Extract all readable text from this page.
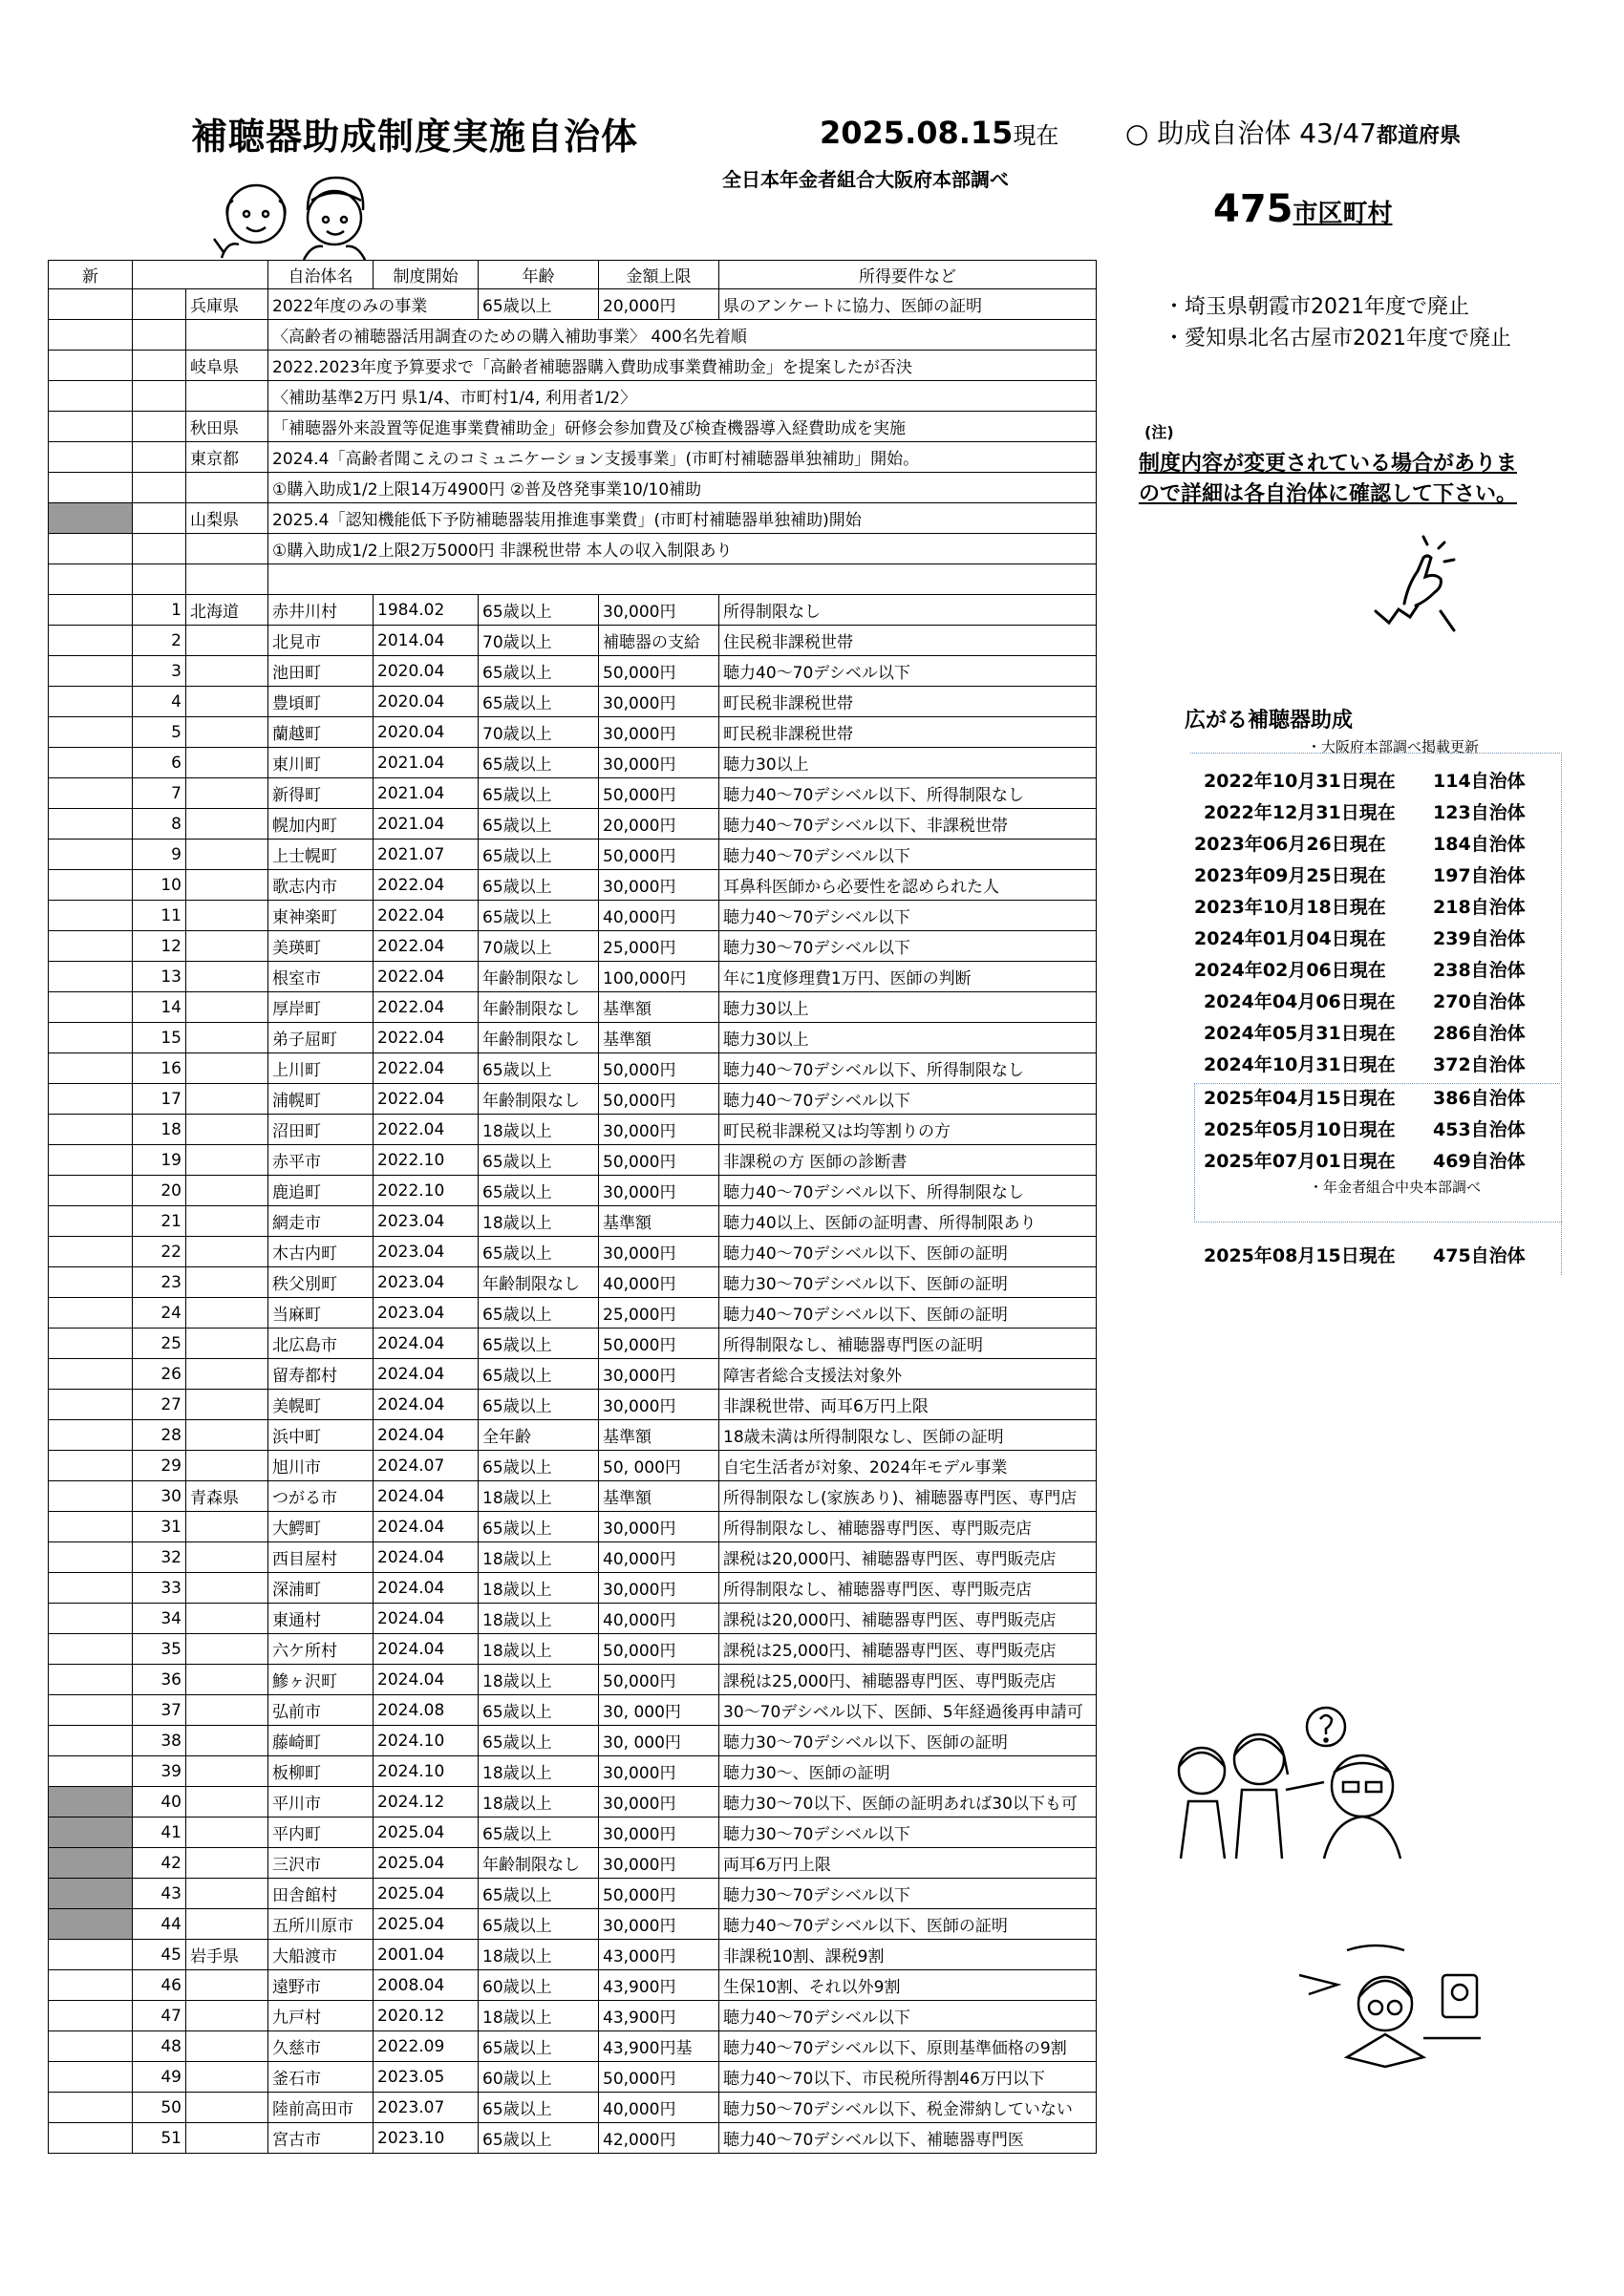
補聴器助成制度実施自治体	2025.08.15現在
全日本年金者組合大阪府本部調べ
○ 助成自治体 43/47都道府県
475市区町村
・埼玉県朝霞市2021年度で廃止
・愛知県北名古屋市2021年度で廃止
(注)
制度内容が変更されている場合がありま
ので詳細は各自治体に確認して下さい。
広がる補聴器助成
・大阪府本部調べ掲載更新
・年金者組合中央本部調べ
2022年10月31日現在 114自治体
2022年12月31日現在 123自治体
2023年06月26日現在	184自治体
2023年09月25日現在	197自治体
2023年10月18日現在	218自治体
2024年01月04日現在	239自治体
2024年02月06日現在	238自治体
2024年04月06日現在 270自治体
2024年05月31日現在 286自治体
2024年10月31日現在 372自治体
2025年04月15日現在 386自治体
2025年05月10日現在 453自治体
2025年07月01日現在 469自治体
2025年08月15日現在 475自治体
新			自治体名	制度開始	年齢	金額上限	所得要件など
		兵庫県	2022年度のみの事業		65歳以上	20,000円	県のアンケートに協力、医師の証明
			〈高齢者の補聴器活用調査のための購入補助事業〉 400名先着順				
		岐阜県	2022.2023年度予算要求で「高齢者補聴器購入費助成事業費補助金」を提案したが否決				
			〈補助基準2万円 県1/4、市町村1/4, 利用者1/2〉				
		秋田県	「補聴器外来設置等促進事業費補助金」研修会参加費及び検査機器導入経費助成を実施				
		東京都	2024.4「高齢者聞こえのコミュニケーション支援事業」(市町村補聴器単独補助」開始。				
			①購入助成1/2上限14万4900円 ②普及啓発事業10/10補助				
		山梨県	2025.4「認知機能低下予防補聴器装用推進事業費」(市町村補聴器単独補助)開始				
			①購入助成1/2上限2万5000円 非課税世帯 本人の収入制限あり				

	1	北海道	赤井川村	1984.02	65歳以上	30,000円	所得制限なし
	2		北見市	2014.04	70歳以上	補聴器の支給	住民税非課税世帯
	3		池田町	2020.04	65歳以上	50,000円	聴力40～70デシベル以下
	4		豊頃町	2020.04	65歳以上	30,000円	町民税非課税世帯
	5		蘭越町	2020.04	70歳以上	30,000円	町民税非課税世帯
	6		東川町	2021.04	65歳以上	30,000円	聴力30以上
	7		新得町	2021.04	65歳以上	50,000円	聴力40～70デシベル以下、所得制限なし
	8		幌加内町	2021.04	65歳以上	20,000円	聴力40～70デシベル以下、非課税世帯
	9		上士幌町	2021.07	65歳以上	50,000円	聴力40～70デシベル以下
	10		歌志内市	2022.04	65歳以上	30,000円	耳鼻科医師から必要性を認められた人
	11		東神楽町	2022.04	65歳以上	40,000円	聴力40～70デシベル以下
	12		美瑛町	2022.04	70歳以上	25,000円	聴力30～70デシベル以下
	13		根室市	2022.04	年齢制限なし	100,000円	年に1度修理費1万円、医師の判断
	14		厚岸町	2022.04	年齢制限なし	基準額	聴力30以上
	15		弟子屈町	2022.04	年齢制限なし	基準額	聴力30以上
	16		上川町	2022.04	65歳以上	50,000円	聴力40～70デシベル以下、所得制限なし
	17		浦幌町	2022.04	年齢制限なし	50,000円	聴力40～70デシベル以下
	18		沼田町	2022.04	18歳以上	30,000円	町民税非課税又は均等割りの方
	19		赤平市	2022.10	65歳以上	50,000円	非課税の方 医師の診断書
	20		鹿追町	2022.10	65歳以上	30,000円	聴力40～70デシベル以下、所得制限なし
	21		網走市	2023.04	18歳以上	基準額	聴力40以上、医師の証明書、所得制限あり
	22		木古内町	2023.04	65歳以上	30,000円	聴力40～70デシベル以下、医師の証明
	23		秩父別町	2023.04	年齢制限なし	40,000円	聴力30～70デシベル以下、医師の証明
	24		当麻町	2023.04	65歳以上	25,000円	聴力40～70デシベル以下、医師の証明
	25		北広島市	2024.04	65歳以上	50,000円	所得制限なし、補聴器専門医の証明
	26		留寿都村	2024.04	65歳以上	30,000円	障害者総合支援法対象外
	27		美幌町	2024.04	65歳以上	30,000円	非課税世帯、両耳6万円上限
	28		浜中町	2024.04	全年齢	基準額	18歳未満は所得制限なし、医師の証明
	29		旭川市	2024.07	65歳以上	50, 000円	自宅生活者が対象、2024年モデル事業
	30	青森県	つがる市	2024.04	18歳以上	基準額	所得制限なし(家族あり)、補聴器専門医、専門店
	31		大鰐町	2024.04	65歳以上	30,000円	所得制限なし、補聴器専門医、専門販売店
	32		西目屋村	2024.04	18歳以上	40,000円	課税は20,000円、補聴器専門医、専門販売店
	33		深浦町	2024.04	18歳以上	30,000円	所得制限なし、補聴器専門医、専門販売店
	34		東通村	2024.04	18歳以上	40,000円	課税は20,000円、補聴器専門医、専門販売店
	35		六ケ所村	2024.04	18歳以上	50,000円	課税は25,000円、補聴器専門医、専門販売店
	36		鰺ヶ沢町	2024.04	18歳以上	50,000円	課税は25,000円、補聴器専門医、専門販売店
	37		弘前市	2024.08	65歳以上	30, 000円	30～70デシベル以下、医師、5年経過後再申請可
	38		藤崎町	2024.10	65歳以上	30, 000円	聴力30～70デシベル以下、医師の証明
	39		板柳町	2024.10	18歳以上	30,000円	聴力30～、医師の証明
	40		平川市	2024.12	18歳以上	30,000円	聴力30～70以下、医師の証明あれば30以下も可
	41		平内町	2025.04	65歳以上	30,000円	聴力30～70デシベル以下
	42		三沢市	2025.04	年齢制限なし	30,000円	両耳6万円上限
	43		田舎館村	2025.04	65歳以上	50,000円	聴力30～70デシベル以下
	44		五所川原市	2025.04	65歳以上	30,000円	聴力40～70デシベル以下、医師の証明
	45	岩手県	大船渡市	2001.04	18歳以上	43,000円	非課税10割、課税9割
	46		遠野市	2008.04	60歳以上	43,900円	生保10割、それ以外9割
	47		九戸村	2020.12	18歳以上	43,900円	聴力40～70デシベル以下
	48		久慈市	2022.09	65歳以上	43,900円基	聴力40～70デシベル以下、原則基準価格の9割
	49		釜石市	2023.05	60歳以上	50,000円	聴力40～70以下、市民税所得割46万円以下
	50		陸前高田市	2023.07	65歳以上	40,000円	聴力50～70デシベル以下、税金滞納していない
	51		宮古市	2023.10	65歳以上	42,000円	聴力40～70デシベル以下、補聴器専門医
